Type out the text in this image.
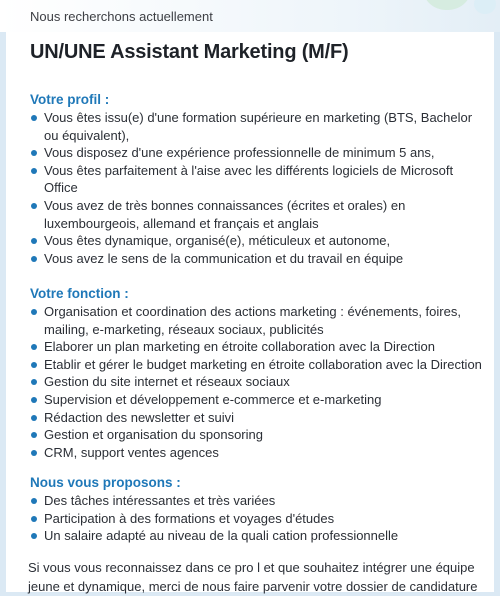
Nous recherchons actuellement
UN/UNE Assistant Marketing (M/F)
Votre profil :
Vous êtes issu(e) d'une formation supérieure en marketing (BTS, Bachelor ou équivalent),
Vous disposez d'une expérience professionnelle de minimum 5 ans,
Vous êtes parfaitement à l'aise avec les différents logiciels de Microsoft Office
Vous avez de très bonnes connaissances (écrites et orales) en luxembourgeois, allemand et français et anglais
Vous êtes dynamique, organisé(e), méticuleux et autonome,
Vous avez le sens de la communication et du travail en équipe
Votre fonction :
Organisation et coordination des actions marketing : événements, foires, mailing, e-marketing, réseaux sociaux, publicités
Elaborer un plan marketing en étroite collaboration avec la Direction
Etablir et gérer le budget marketing en étroite collaboration avec la Direction
Gestion du site internet et réseaux sociaux
Supervision et développement e-commerce et e-marketing
Rédaction des newsletter et suivi
Gestion et organisation du sponsoring
CRM, support ventes agences
Nous vous proposons :
Des tâches intéressantes et très variées
Participation à des formations et voyages d'études
Un salaire adapté au niveau de la quali cation professionnelle

Si vous vous reconnaissez dans ce pro l et que souhaitez intégrer une équipe jeune et dynamique, merci de nous faire parvenir votre dossier de candidature
